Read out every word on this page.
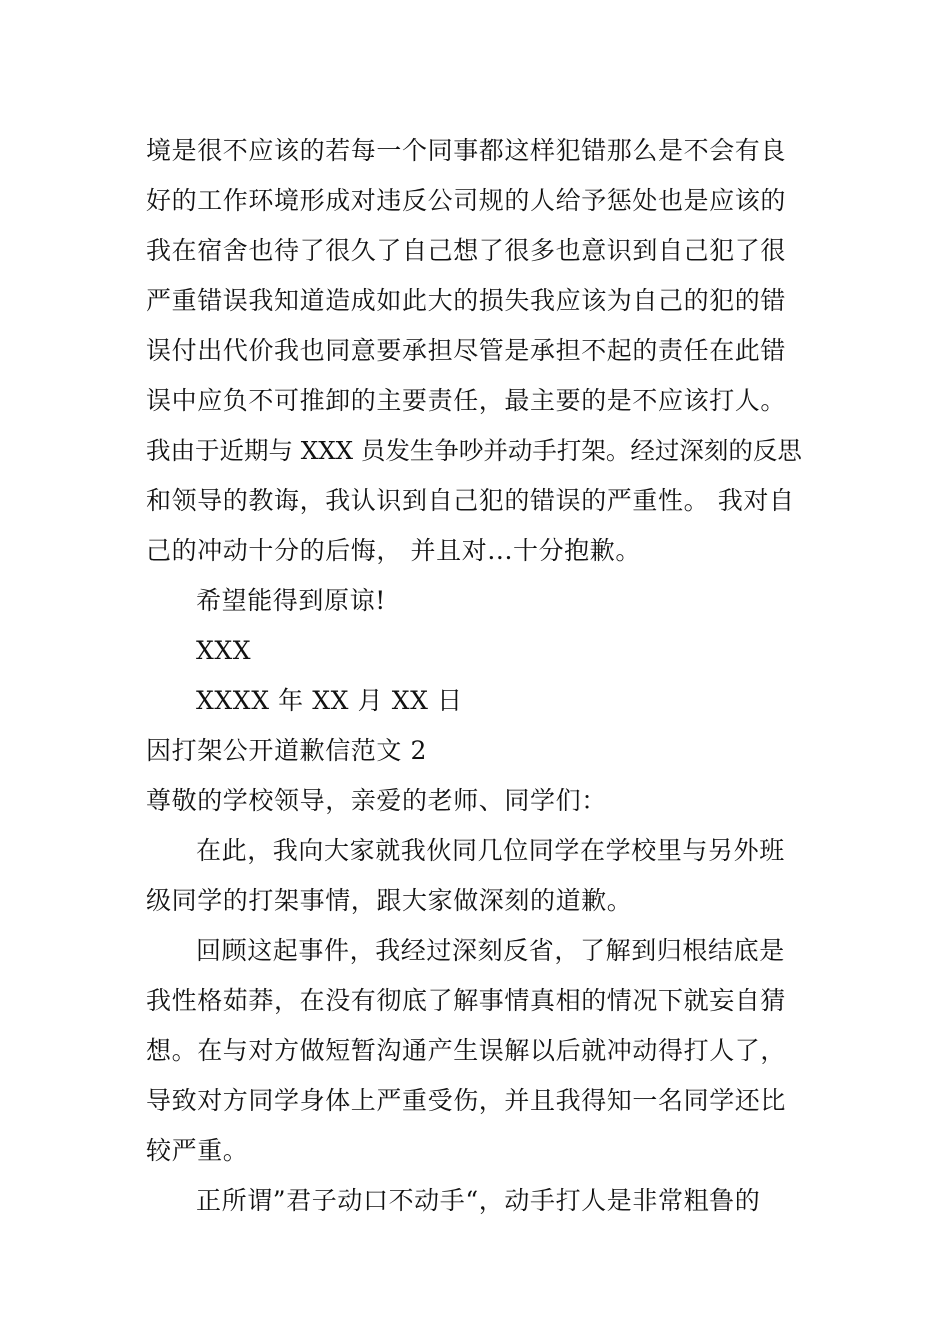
境是很不应该的若每一个同事都这样犯错那么是不会有良
好的工作环境形成对违反公司规的人给予惩处也是应该的
我在宿舍也待了很久了自己想了很多也意识到自己犯了很
严重错误我知道造成如此大的损失我应该为自己的犯的错
误付出代价我也同意要承担尽管是承担不起的责任在此错
误中应负不可推卸的主要责任，最主要的是不应该打人。
我由于近期与 XXX 员发生争吵并动手打架。经过深刻的反思
和领导的教诲，我认识到自己犯的错误的严重性。 我对自
己的冲动十分的后悔， 并且对...十分抱歉。
希望能得到原谅!
XXX
XXXX 年 XX 月 XX 日
因打架公开道歉信范文 2
尊敬的学校领导，亲爱的老师、同学们：
在此，我向大家就我伙同几位同学在学校里与另外班
级同学的打架事情，跟大家做深刻的道歉。
回顾这起事件，我经过深刻反省，了解到归根结底是
我性格茹莽，在没有彻底了解事情真相的情况下就妄自猜
想。在与对方做短暂沟通产生误解以后就冲动得打人了，
导致对方同学身体上严重受伤，并且我得知一名同学还比
较严重。
正所谓”君子动口不动手“，动手打人是非常粗鲁的
